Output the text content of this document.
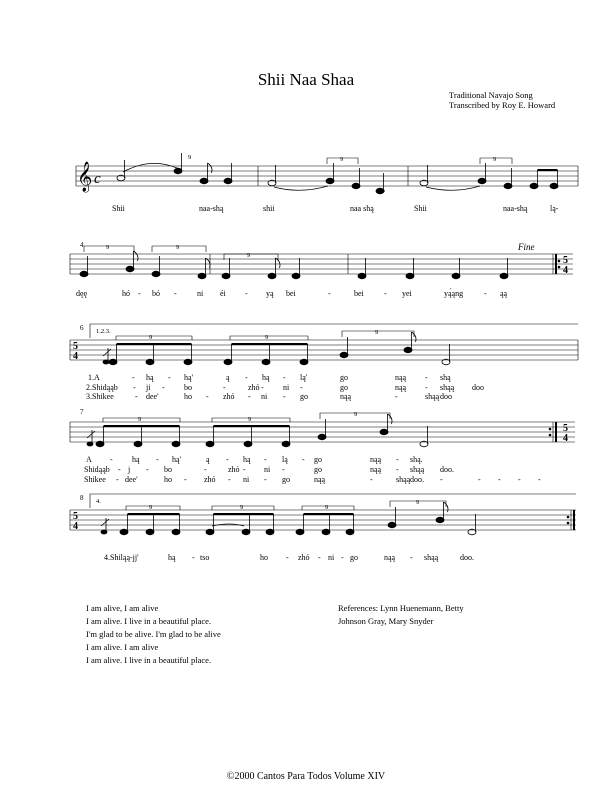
Shii Naa Shaa
Traditional Navajo Song
Transcribed by Roy E. Howard
𝄞 c
9	9
9
Shii	naa-shą	shii	naa shą	Shii	naa-shą	lą-
4	Fine
5
4
9	9
9
dęę	hó - bó -	ni éi - yą bei	-	bei	- yei	yą́ąng	- ąą
6 1.2.3.
5
4
9	9
9
1.A	- hą - hą'	ą - hą - lą'	go	nąą - shą
2.Shidąąb - ji - bo	-	zhó - ni -	go	nąą - shąą doo
3.Shikee	- dee'	ho - zhó - ni - go	nąą	-	shąą doo
7
5
4
9	9
9
A - hą - hą'	ą - hą - lą - go	nąą - shą.
Shidąąb - j - bo	-	zhó - ni -	go	nąą - shąą doo.
Shikee - dee'	ho - zhó - ni - go	nąą	-	shąą doo. -	- - - -
8 4.
5
4
9	9	9
9
4.Shiląą-jj'	hą - tso	ho - zhó - ni - go	nąą - shąą	doo.
I am alive, I am alive
I am alive. I live in a beautiful place.
I'm glad to be alive. I'm glad to be alive
I am alive. I am alive
I am alive. I live in a beautiful place.
References: Lynn Huenemann, Betty Johnson Gray, Mary Snyder
©2000 Cantos Para Todos Volume XIV
